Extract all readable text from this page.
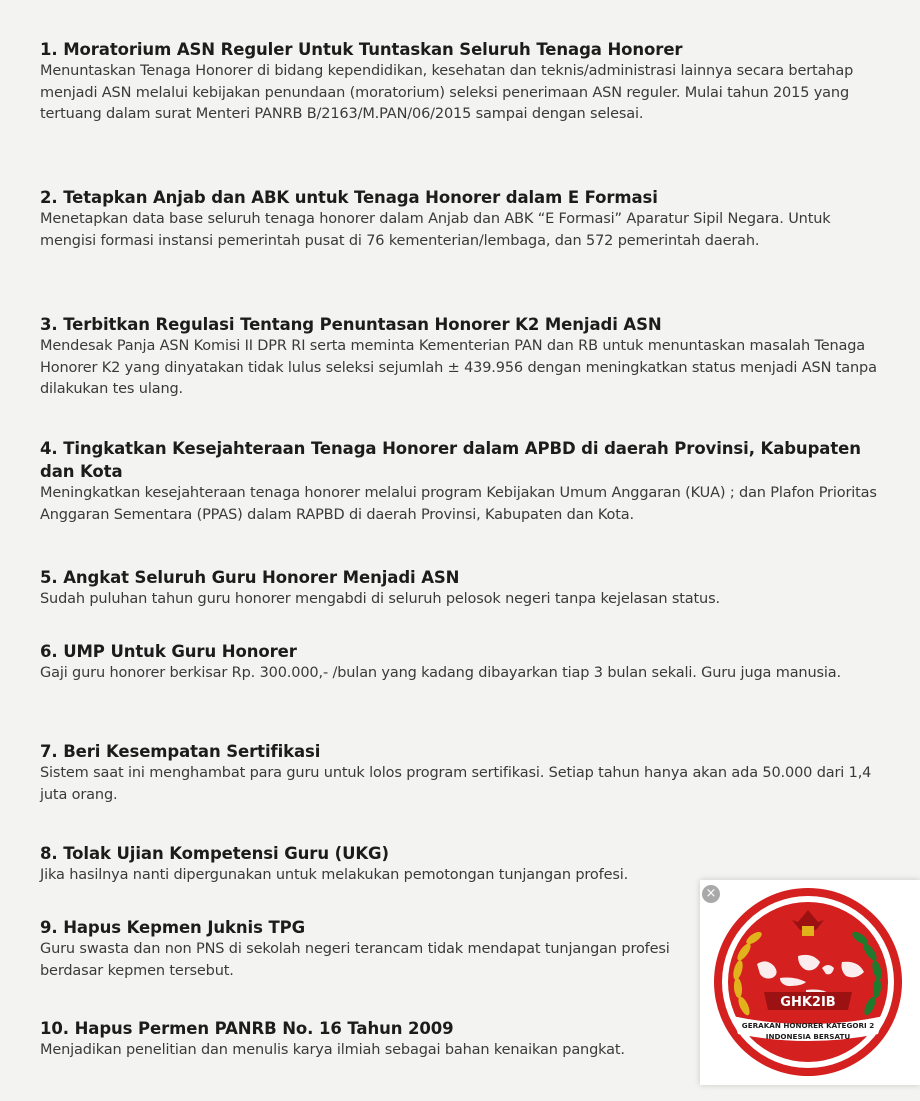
1. Moratorium ASN Reguler Untuk Tuntaskan Seluruh Tenaga Honorer
Menuntaskan Tenaga Honorer di bidang kependidikan, kesehatan dan teknis/administrasi lainnya secara bertahap menjadi ASN melalui kebijakan penundaan (moratorium) seleksi penerimaan ASN reguler. Mulai tahun 2015 yang tertuang dalam surat Menteri PANRB B/2163/M.PAN/06/2015 sampai dengan selesai.
2. Tetapkan Anjab dan ABK untuk Tenaga Honorer dalam E Formasi
Menetapkan data base seluruh tenaga honorer dalam Anjab dan ABK “E Formasi” Aparatur Sipil Negara. Untuk mengisi formasi instansi pemerintah pusat di 76 kementerian/lembaga, dan 572 pemerintah daerah.
3. Terbitkan Regulasi Tentang Penuntasan Honorer K2 Menjadi ASN
Mendesak Panja ASN Komisi II DPR RI serta meminta Kementerian PAN dan RB untuk menuntaskan masalah Tenaga Honorer K2 yang dinyatakan tidak lulus seleksi sejumlah ± 439.956 dengan meningkatkan status menjadi ASN tanpa dilakukan tes ulang.
4. Tingkatkan Kesejahteraan Tenaga Honorer dalam APBD di daerah Provinsi, Kabupaten dan Kota
Meningkatkan kesejahteraan tenaga honorer melalui program Kebijakan Umum Anggaran (KUA) ; dan Plafon Prioritas Anggaran Sementara (PPAS) dalam RAPBD di daerah Provinsi, Kabupaten dan Kota.
5. Angkat Seluruh Guru Honorer Menjadi ASN
Sudah puluhan tahun guru honorer mengabdi di seluruh pelosok negeri tanpa kejelasan status.
6. UMP Untuk Guru Honorer
Gaji guru honorer berkisar Rp. 300.000,- /bulan yang kadang dibayarkan tiap 3 bulan sekali. Guru juga manusia.
7. Beri Kesempatan Sertifikasi
Sistem saat ini menghambat para guru untuk lolos program sertifikasi. Setiap tahun hanya akan ada 50.000 dari 1,4 juta orang.
8. Tolak Ujian Kompetensi Guru (UKG)
Jika hasilnya nanti dipergunakan untuk melakukan pemotongan tunjangan profesi.
9. Hapus Kepmen Juknis TPG
Guru swasta dan non PNS di sekolah negeri terancam tidak mendapat tunjangan profesi berdasar kepmen tersebut.
10. Hapus Permen PANRB No. 16 Tahun 2009
Menjadikan penelitian dan menulis karya ilmiah sebagai bahan kenaikan pangkat.
GHK2IB
GERAKAN HONORER KATEGORI 2
INDONESIA BERSATU
×
